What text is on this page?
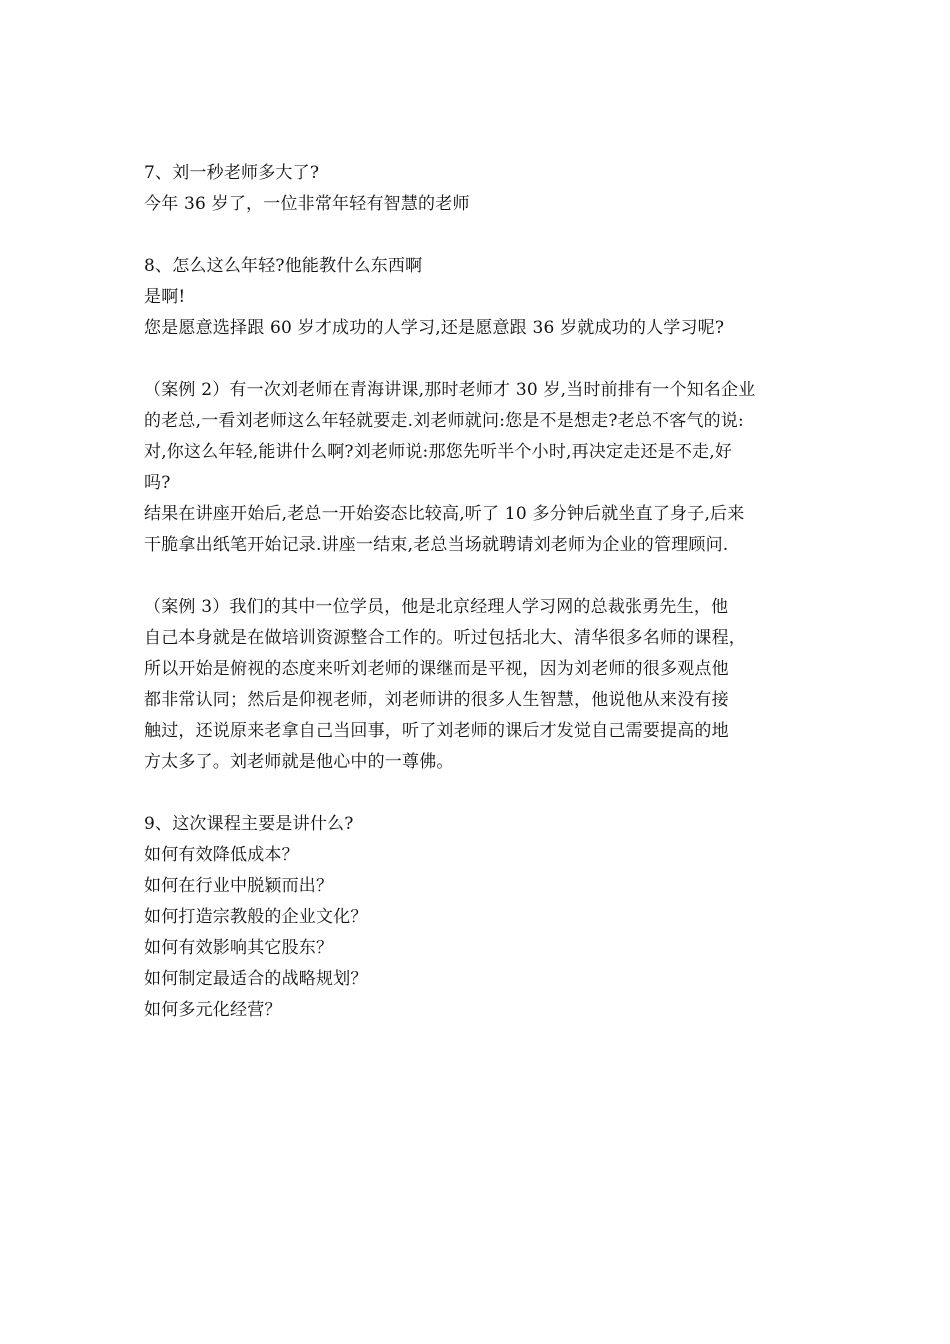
7、刘一秒老师多大了?
今年 36 岁了，一位非常年轻有智慧的老师
8、怎么这么年轻?他能教什么东西啊
是啊!
您是愿意选择跟 60 岁才成功的人学习,还是愿意跟 36 岁就成功的人学习呢?
（案例 2）有一次刘老师在青海讲课,那时老师才 30 岁,当时前排有一个知名企业
的老总,一看刘老师这么年轻就要走.刘老师就问:您是不是想走?老总不客气的说:
对,你这么年轻,能讲什么啊?刘老师说:那您先听半个小时,再决定走还是不走,好
吗?
结果在讲座开始后,老总一开始姿态比较高,听了 10 多分钟后就坐直了身子,后来
干脆拿出纸笔开始记录.讲座一结束,老总当场就聘请刘老师为企业的管理顾问.
（案例 3）我们的其中一位学员，他是北京经理人学习网的总裁张勇先生，他
自己本身就是在做培训资源整合工作的。听过包括北大、清华很多名师的课程，
所以开始是俯视的态度来听刘老师的课继而是平视，因为刘老师的很多观点他
都非常认同；然后是仰视老师，刘老师讲的很多人生智慧，他说他从来没有接
触过，还说原来老拿自己当回事，听了刘老师的课后才发觉自己需要提高的地
方太多了。刘老师就是他心中的一尊佛。
9、这次课程主要是讲什么?
如何有效降低成本？
如何在行业中脱颖而出？
如何打造宗教般的企业文化？
如何有效影响其它股东？
如何制定最适合的战略规划？
如何多元化经营？
